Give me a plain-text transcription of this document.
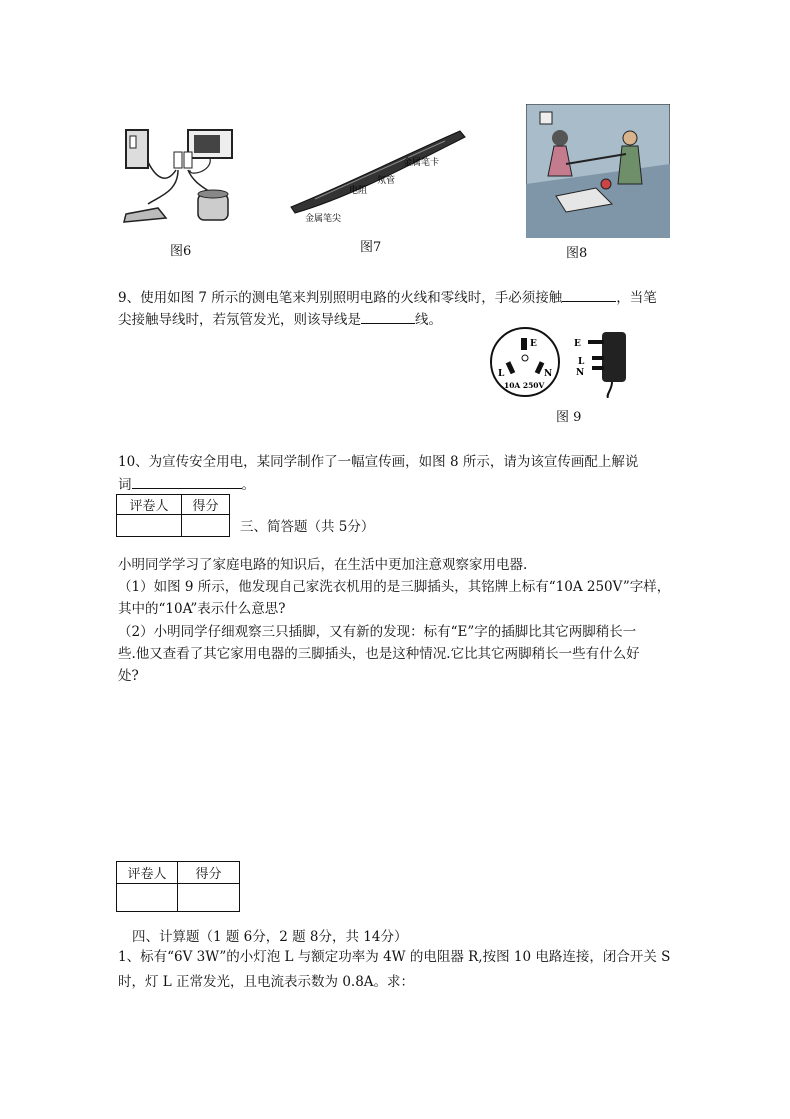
图6
金属笔卡
氖管
电阻
金属笔尖
图7	图8
9、使用如图 7 所示的测电笔来判别照明电路的火线和零线时，手必须接触	，当笔
尖接触导线时，若氖管发光，则该导线是	线。
E
L	N
10A 250V
E
L
N
图 9
10、为宣传安全用电，某同学制作了一幅宣传画，如图 8 所示，请为该宣传画配上解说
词	。
评卷人	得分

三、简答题（共 5分）
小明同学学习了家庭电路的知识后，在生活中更加注意观察家用电器.
（1）如图 9 所示，他发现自己家洗衣机用的是三脚插头，其铭牌上标有“10A 250V”字样，
其中的“10A”表示什么意思?
（2）小明同学仔细观察三只插脚，又有新的发现：标有“E”字的插脚比其它两脚稍长一
些.他又查看了其它家用电器的三脚插头，也是这种情况.它比其它两脚稍长一些有什么好
处?
评卷人	得分

四、计算题（1 题 6分，2 题 8分，共 14分）
1、标有“6V 3W”的小灯泡 L 与额定功率为 4W 的电阻器 R,按图 10 电路连接，闭合开关 S
时，灯 L 正常发光，且电流表示数为 0.8A。求：
